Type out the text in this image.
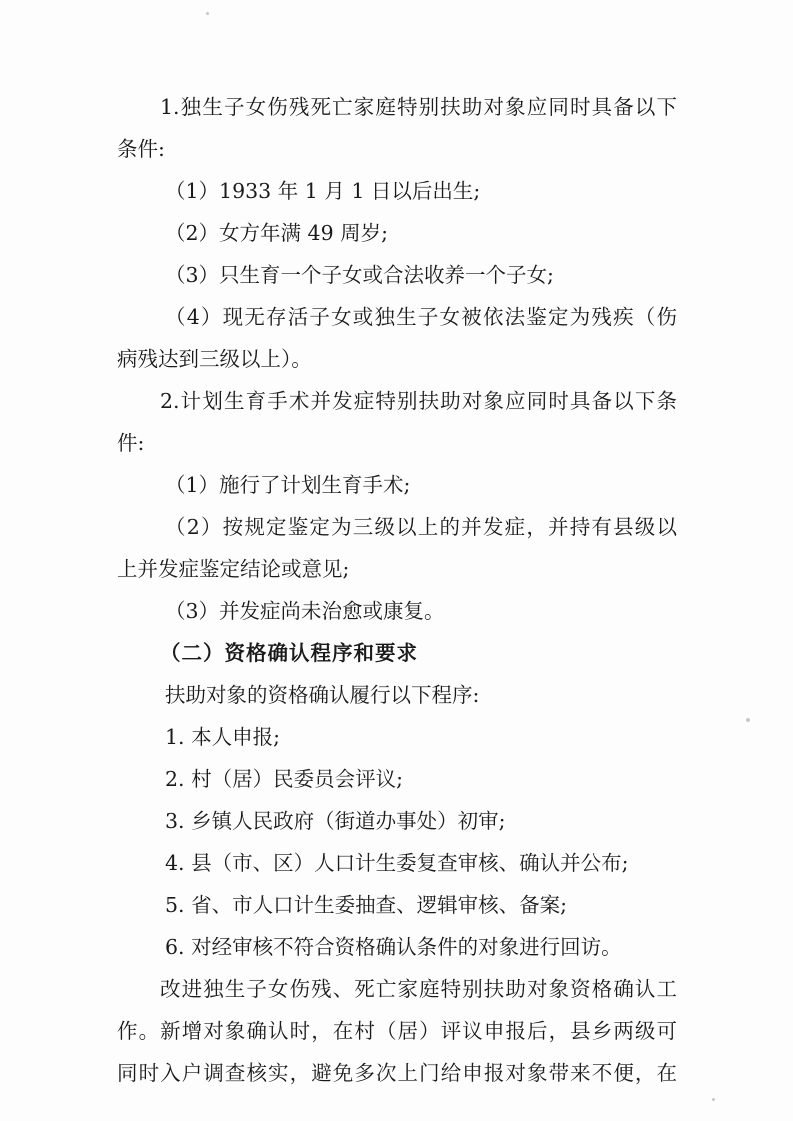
1.独生子女伤残死亡家庭特别扶助对象应同时具备以下
条件:
（1）1933 年 1 月 1 日以后出生;
（2）女方年满 49 周岁;
（3）只生育一个子女或合法收养一个子女;
（4）现无存活子女或独生子女被依法鉴定为残疾（伤
病残达到三级以上）。
2.计划生育手术并发症特别扶助对象应同时具备以下条
件:
（1）施行了计划生育手术;
（2）按规定鉴定为三级以上的并发症，并持有县级以
上并发症鉴定结论或意见;
（3）并发症尚未治愈或康复。
（二）资格确认程序和要求
扶助对象的资格确认履行以下程序:
1. 本人申报;
2. 村（居）民委员会评议;
3. 乡镇人民政府（街道办事处）初审;
4. 县（市、区）人口计生委复查审核、确认并公布;
5. 省、市人口计生委抽查、逻辑审核、备案;
6. 对经审核不符合资格确认条件的对象进行回访。
改进独生子女伤残、死亡家庭特别扶助对象资格确认工
作。新增对象确认时，在村（居）评议申报后，县乡两级可
同时入户调查核实，避免多次上门给申报对象带来不便，在
